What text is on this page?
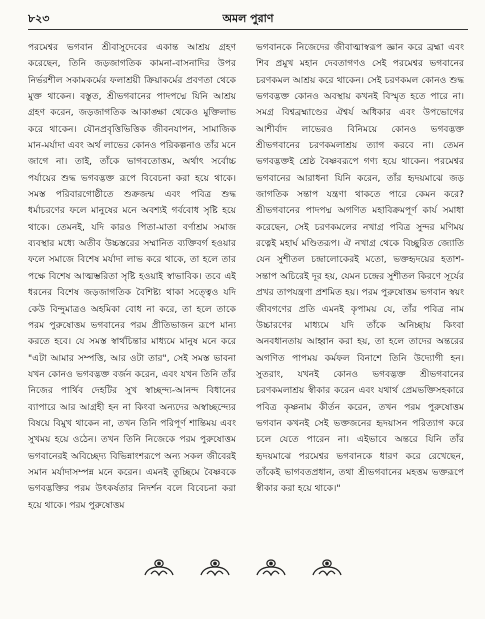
৮২৩	অমল পুরাণ

পরমেশ্বর ভগবান শ্রীবাসুদেবের একান্ত আশ্রয় গ্রহণ করেছেন, তিনি জড়জাগতিক কামনা-বাসনাদির উপর নির্ভরশীল সকামকর্মের ফলাশ্রয়ী ক্রিয়াকর্মের প্রবণতা থেকে মুক্ত থাকেন। বস্তুত, শ্রীভগবানের পাদপদ্মে যিনি আশ্রয় গ্রহণ করেন, জড়জাগতিক আকাঙ্ক্ষা থেকেও মুক্তিলাভ করে থাকেন। যৌনপ্রবৃত্তিভিত্তিক জীবনযাপন, সামাজিক মান-মর্যাদা এবং অর্থ লাভের কোনও পরিকল্পনাও তাঁর মনে জাগে না। তাই, তাঁকে ভাগবতোত্তম, অর্থাৎ সর্বোচ্চ পর্যায়ের শুদ্ধ ভগবদ্ভক্ত রূপে বিবেচনা করা হয়ে থাকে। সমস্ত পরিবারগোষ্ঠীতে শুক্রজন্ম এবং পবিত্র শুদ্ধ ধর্মাচরণের ফলে মানুষের মনে অবশ্যই গর্ববোধ সৃষ্টি হয়ে থাকে। তেমনই, যদি কারও পিতা-মাতা বর্ণাশ্রম সমাজ ব্যবস্থার মধ্যে অতীব উচ্চস্তরের সম্মানিত ব্যক্তিবর্গ হওয়ার ফলে সমাজে বিশেষ মর্যাদা লাভ করে থাকে, তা হলে তার পক্ষে বিশেষ আত্মম্ভরিতা সৃষ্টি হওয়াই স্বাভাবিক। তবে এই ধরনের বিশেষ জড়জাগতিক বৈশিষ্ট্য থাকা সত্ত্বেও যদি কেউ বিন্দুমাত্রও অহমিকা বোধ না করে, তা হলে তাকে পরম পুরুষোত্তম ভগবানের পরম প্রীতিভাজন রূপে মান্য করতে হবে। যে সমস্ত স্বার্থচিন্তার মাধ্যমে মানুষ মনে করে "এটা আমার সম্পত্তি, আর ওটা তার", সেই সমস্ত ভাবনা যখন কোনও ভগবদ্ভক্ত বর্জন করেন, এবং যখন তিনি তাঁর নিজের পার্থিব দেহটির সুখ স্বাচ্ছন্দ্য-আনন্দ বিধানের ব্যাপারে আর আগ্রহী হন না কিংবা অন্যদের অস্বাচ্ছন্দ্যের বিষয়ে বিমুখ থাকেন না, তখন তিনি পরিপূর্ণ শান্তিময় এবং সুখময় হয়ে ওঠেন। তখন তিনি নিজেকে পরম পুরুষোত্তম ভগবানেরই অবিচ্ছেদ্য বিভিন্নাংশরূপে অন্য সকল জীবেরই সমান মর্যাদাসম্পন্ন মনে করেন। এমনই তুচ্ছিমে বৈষ্ণবকে ভগবদ্ভক্তির পরম উৎকর্ষতার নিদর্শন বলে বিবেচনা করা হয়ে থাকে। পরম পুরুষোত্তম

ভগবানকে নিজেদের জীবাত্মাস্বরূপ জ্ঞান করে ব্রহ্মা এবং শিব প্রমুখ মহান দেবতাগণও সেই পরমেশ্বর ভগবানের চরণকমল আশ্রয় করে থাকেন। সেই চরণকমল কোনও শুদ্ধ ভগবদ্ভক্ত কোনও অবস্থায় কখনই বিস্মৃত হতে পারে না। সমগ্র বিশ্বব্রহ্মাণ্ডের ঐশ্বর্য অধিকার এবং উপভোগের আশীর্বাদ লাভেরও বিনিময়ে কোনও ভগবদ্ভক্ত শ্রীভগবানের চরণকমলাশ্রয় ত্যাগ করবে না। তেমন ভগবদ্ভক্তই শ্রেষ্ঠ বৈষ্ণবরূপে গণ্য হয়ে থাকেন। পরমেশ্বর ভগবানের আরাধনা যিনি করেন, তাঁর হৃদয়মাঝে জড় জাগতিক সন্তাপ যন্ত্রণা থাকতে পারে কেমন করে? শ্রীভগবানের পাদপদ্ম অগণিত মহাবিক্রমপূর্ণ কার্য সমাধা করেছেন, সেই চরণকমলের নখাগ্র পবিত্র সুন্দর মণিময় রত্নেই মহার্ঘ মণ্ডিতরূপ। ঐ নখাগ্র থেকে বিচ্ছুরিত জ্যোতি যেন সুশীতল চন্দ্রালোকেরই মতো, ভক্তহৃদয়ের হতাশ-সন্তাপ অচিরেই দূর হয়, যেমন চন্দ্রের সুশীতল কিরণে সূর্যের প্রখর তাপযন্ত্রণা প্রশমিত হয়। পরম পুরুষোত্তম ভগবান স্বয়ং জীবগণের প্রতি এমনই কৃপাময় যে, তাঁর পবিত্র নাম উচ্চারণের মাধ্যমে যদি তাঁকে অনিচ্ছায় কিংবা অনবধানতায় আহ্বান করা হয়, তা হলে তাদের অন্তরের অগণিত পাপময় কর্মফল বিনাশে তিনি উদ্যোগী হন। সুতরাং, যখনই কোনও ভগবদ্ভক্ত শ্রীভগবানের চরণকমলাশ্রয় স্বীকার করেন এবং যথার্থ প্রেমভক্তিসহকারে পবিত্র কৃষ্ণনাম কীর্তন করেন, তখন পরম পুরুষোত্তম ভগবান কখনই সেই ভক্তজনের হৃদয়াসন পরিত্যাগ করে চলে যেতে পারেন না। এইভাবে অন্তরে যিনি তাঁর হৃদয়মাঝে পরমেশ্বর ভগবানকে ধারণ করে রেখেছেন, তাঁকেই ভাগবতপ্রধান, তথা শ্রীভগবানের মহত্তম ভক্তরূপে স্বীকার করা হয়ে থাকে।"
